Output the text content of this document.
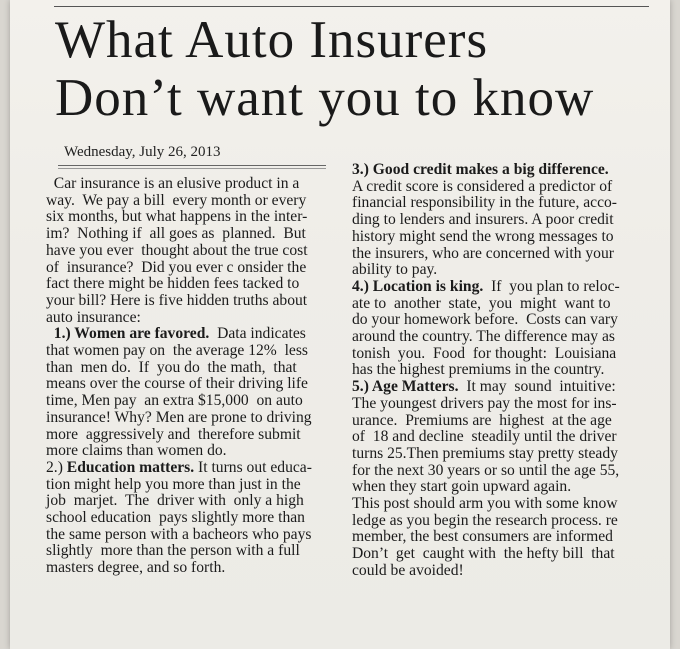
What Auto Insurers
Don’t want you to know
Wednesday, July 26, 2013

Car insurance is an elusive product in a

way.  We pay a bill  every month or every

six months, but what happens in the inter-

im?  Nothing if  all goes as  planned.  But

have you ever  thought about the true cost

of  insurance?  Did you ever c onsider the

fact there might be hidden fees tacked to

your bill? Here is five hidden truths about

auto insurance:

1.) Women are favored.  Data indicates

that women pay on  the average 12%  less

than  men do.  If  you do  the math,  that

means over the course of their driving life

time, Men pay  an extra $15,000  on auto

insurance! Why? Men are prone to driving

more  aggressively and  therefore submit

more claims than women do.

2.) Education matters. It turns out educa-

tion might help you more than just in the

job  marjet.  The  driver with  only a high

school education  pays slightly more than

the same person with a bacheors who pays

slightly  more than the person with a full

masters degree, and so forth.

3.) Good credit makes a big difference.

A credit score is considered a predictor of

financial responsibility in the future, acco-

ding to lenders and insurers. A poor credit

history might send the wrong messages to

the insurers, who are concerned with your

ability to pay.

4.) Location is king.  If  you plan to reloc-

ate to  another  state,  you  might  want to

do your homework before.  Costs can vary

around the country. The difference may as

tonish  you.  Food  for thought:  Louisiana

has the highest premiums in the country.

5.) Age Matters.  It may  sound  intuitive:

The youngest drivers pay the most for ins-

urance.  Premiums are  highest  at the age

of  18 and decline  steadily until the driver

turns 25.Then premiums stay pretty steady

for the next 30 years or so until the age 55,

when they start goin upward again.

This post should arm you with some know

ledge as you begin the research process. re

member, the best consumers are informed

Don’t  get  caught with  the hefty bill  that

could be avoided!
